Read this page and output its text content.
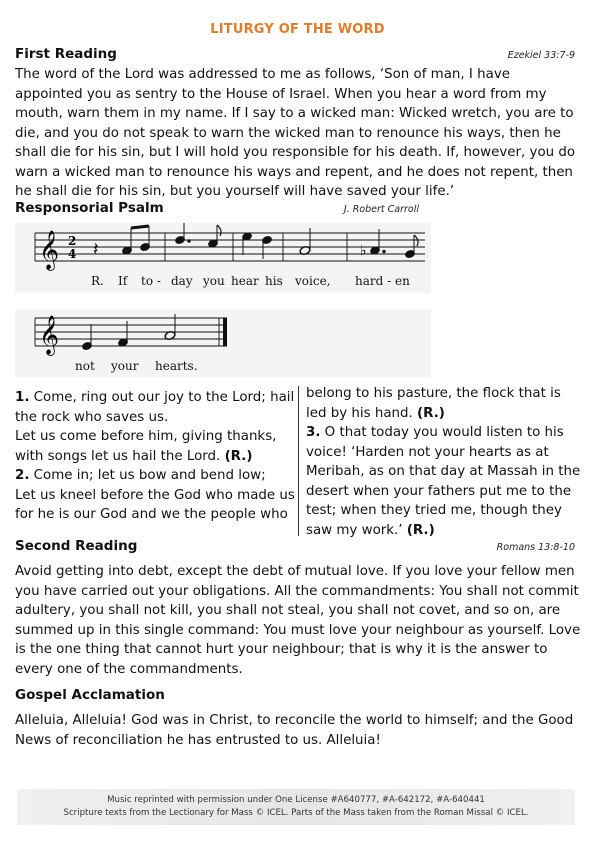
LITURGY OF THE WORD
First Reading	Ezekiel 33:7-9
The word of the Lord was addressed to me as follows, ‘Son of man, I have appointed you as sentry to the House of Israel. When you hear a word from my mouth, warn them in my name. If I say to a wicked man: Wicked wretch, you are to die, and you do not speak to warn the wicked man to renounce his ways, then he shall die for his sin, but I will hold you responsible for his death. If, however, you do warn a wicked man to renounce his ways and repent, and he does not repent, then he shall die for his sin, but you yourself will have saved your life.’
Responsorial Psalm	J. Robert Carroll
𝄞 2
4 𝄽	♭
R. If to - day you hear his voice, hard - en
𝄞
not your hearts.

1. Come, ring out our joy to the Lord; hail the rock who saves us.

Let us come before him, giving thanks, with songs let us hail the Lord. (R.)

2. Come in; let us bow and bend low;

Let us kneel before the God who made us for he is our God and we the people who

belong to his pasture, the flock that is led by his hand. (R.)

3. O that today you would listen to his voice! ‘Harden not your hearts as at Meribah, as on that day at Massah in the desert when your fathers put me to the test; when they tried me, though they saw my work.’ (R.)

Second Reading	Romans 13:8-10
Avoid getting into debt, except the debt of mutual love. If you love your fellow men you have carried out your obligations. All the commandments: You shall not commit adultery, you shall not kill, you shall not steal, you shall not covet, and so on, are summed up in this single command: You must love your neighbour as yourself. Love is the one thing that cannot hurt your neighbour; that is why it is the answer to every one of the commandments.
Gospel Acclamation
Alleluia, Alleluia! God was in Christ, to reconcile the world to himself; and the Good News of reconciliation he has entrusted to us. Alleluia!
Music reprinted with permission under One License #A640777, #A-642172, #A-640441
Scripture texts from the Lectionary for Mass © ICEL. Parts of the Mass taken from the Roman Missal © ICEL.
